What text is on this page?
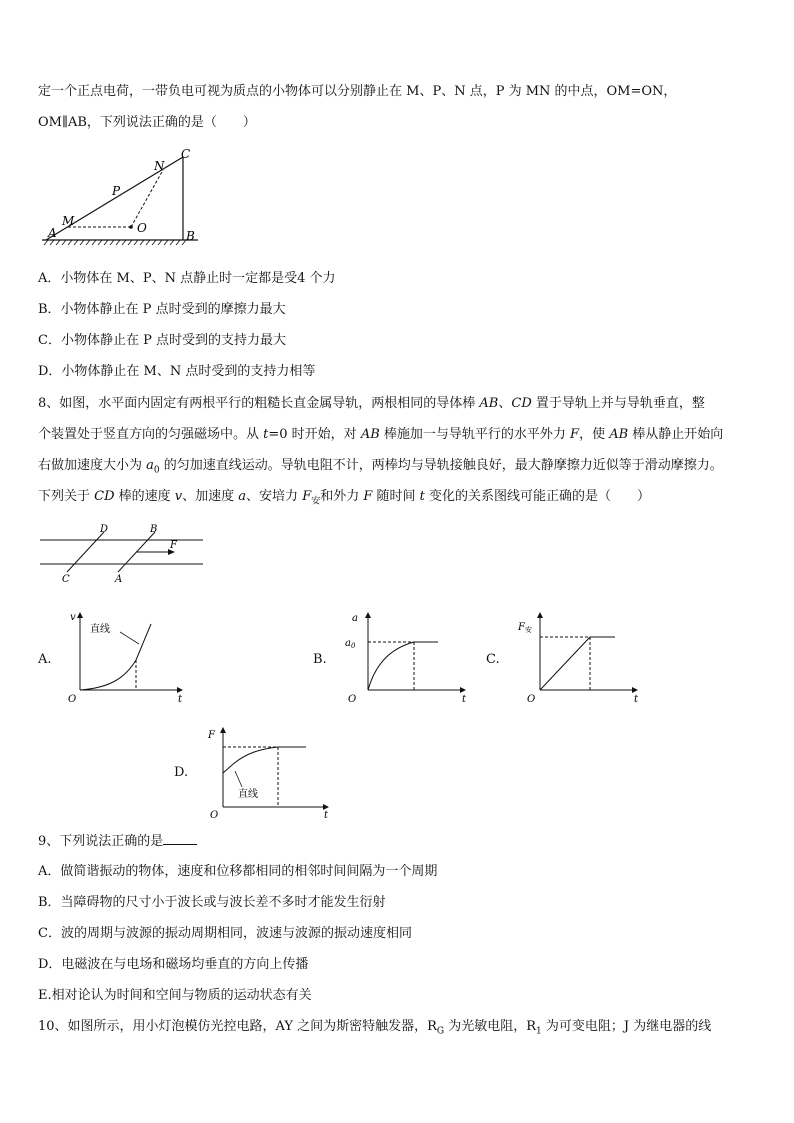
定一个正点电荷，一带负电可视为质点的小物体可以分别静止在 M、P、N 点，P 为 MN 的中点，OM=ON，
OM∥AB，下列说法正确的是（　　）
A	B
C
M
P
N
O
A．小物体在 M、P、N 点静止时一定都是受4 个力
B．小物体静止在 P 点时受到的摩擦力最大
C．小物体静止在 P 点时受到的支持力最大
D．小物体静止在 M、N 点时受到的支持力相等
8、如图，水平面内固定有两根平行的粗糙长直金属导轨，两根相同的导体棒 AB、CD 置于导轨上并与导轨垂直，整
个装置处于竖直方向的匀强磁场中。从 t=0 时开始，对 AB 棒施加一与导轨平行的水平外力 F，使 AB 棒从静止开始向
右做加速度大小为 $a_0$ 的匀加速直线运动。导轨电阻不计，两棒均与导轨接触良好，最大静摩擦力近似等于滑动摩擦力。
下列关于 CD 棒的速度 v、加速度 a、安培力 $F_安$和外力 F 随时间 t 变化的关系图线可能正确的是（　　）
D	B
C	A
F
A.
直线
v
O	t
B.
a
$a_0$
O	t
C.
$F_安$
O	t
D.
直线
F
O	t
9、下列说法正确的是
A．做简谐振动的物体，速度和位移都相同的相邻时间间隔为一个周期
B．当障碍物的尺寸小于波长或与波长差不多时才能发生衍射
C．波的周期与波源的振动周期相同，波速与波源的振动速度相同
D．电磁波在与电场和磁场均垂直的方向上传播
E.相对论认为时间和空间与物质的运动状态有关
10、如图所示，用小灯泡模仿光控电路，AY 之间为斯密特触发器，$R_G$ 为光敏电阻，$R_1$ 为可变电阻；J 为继电器的线
